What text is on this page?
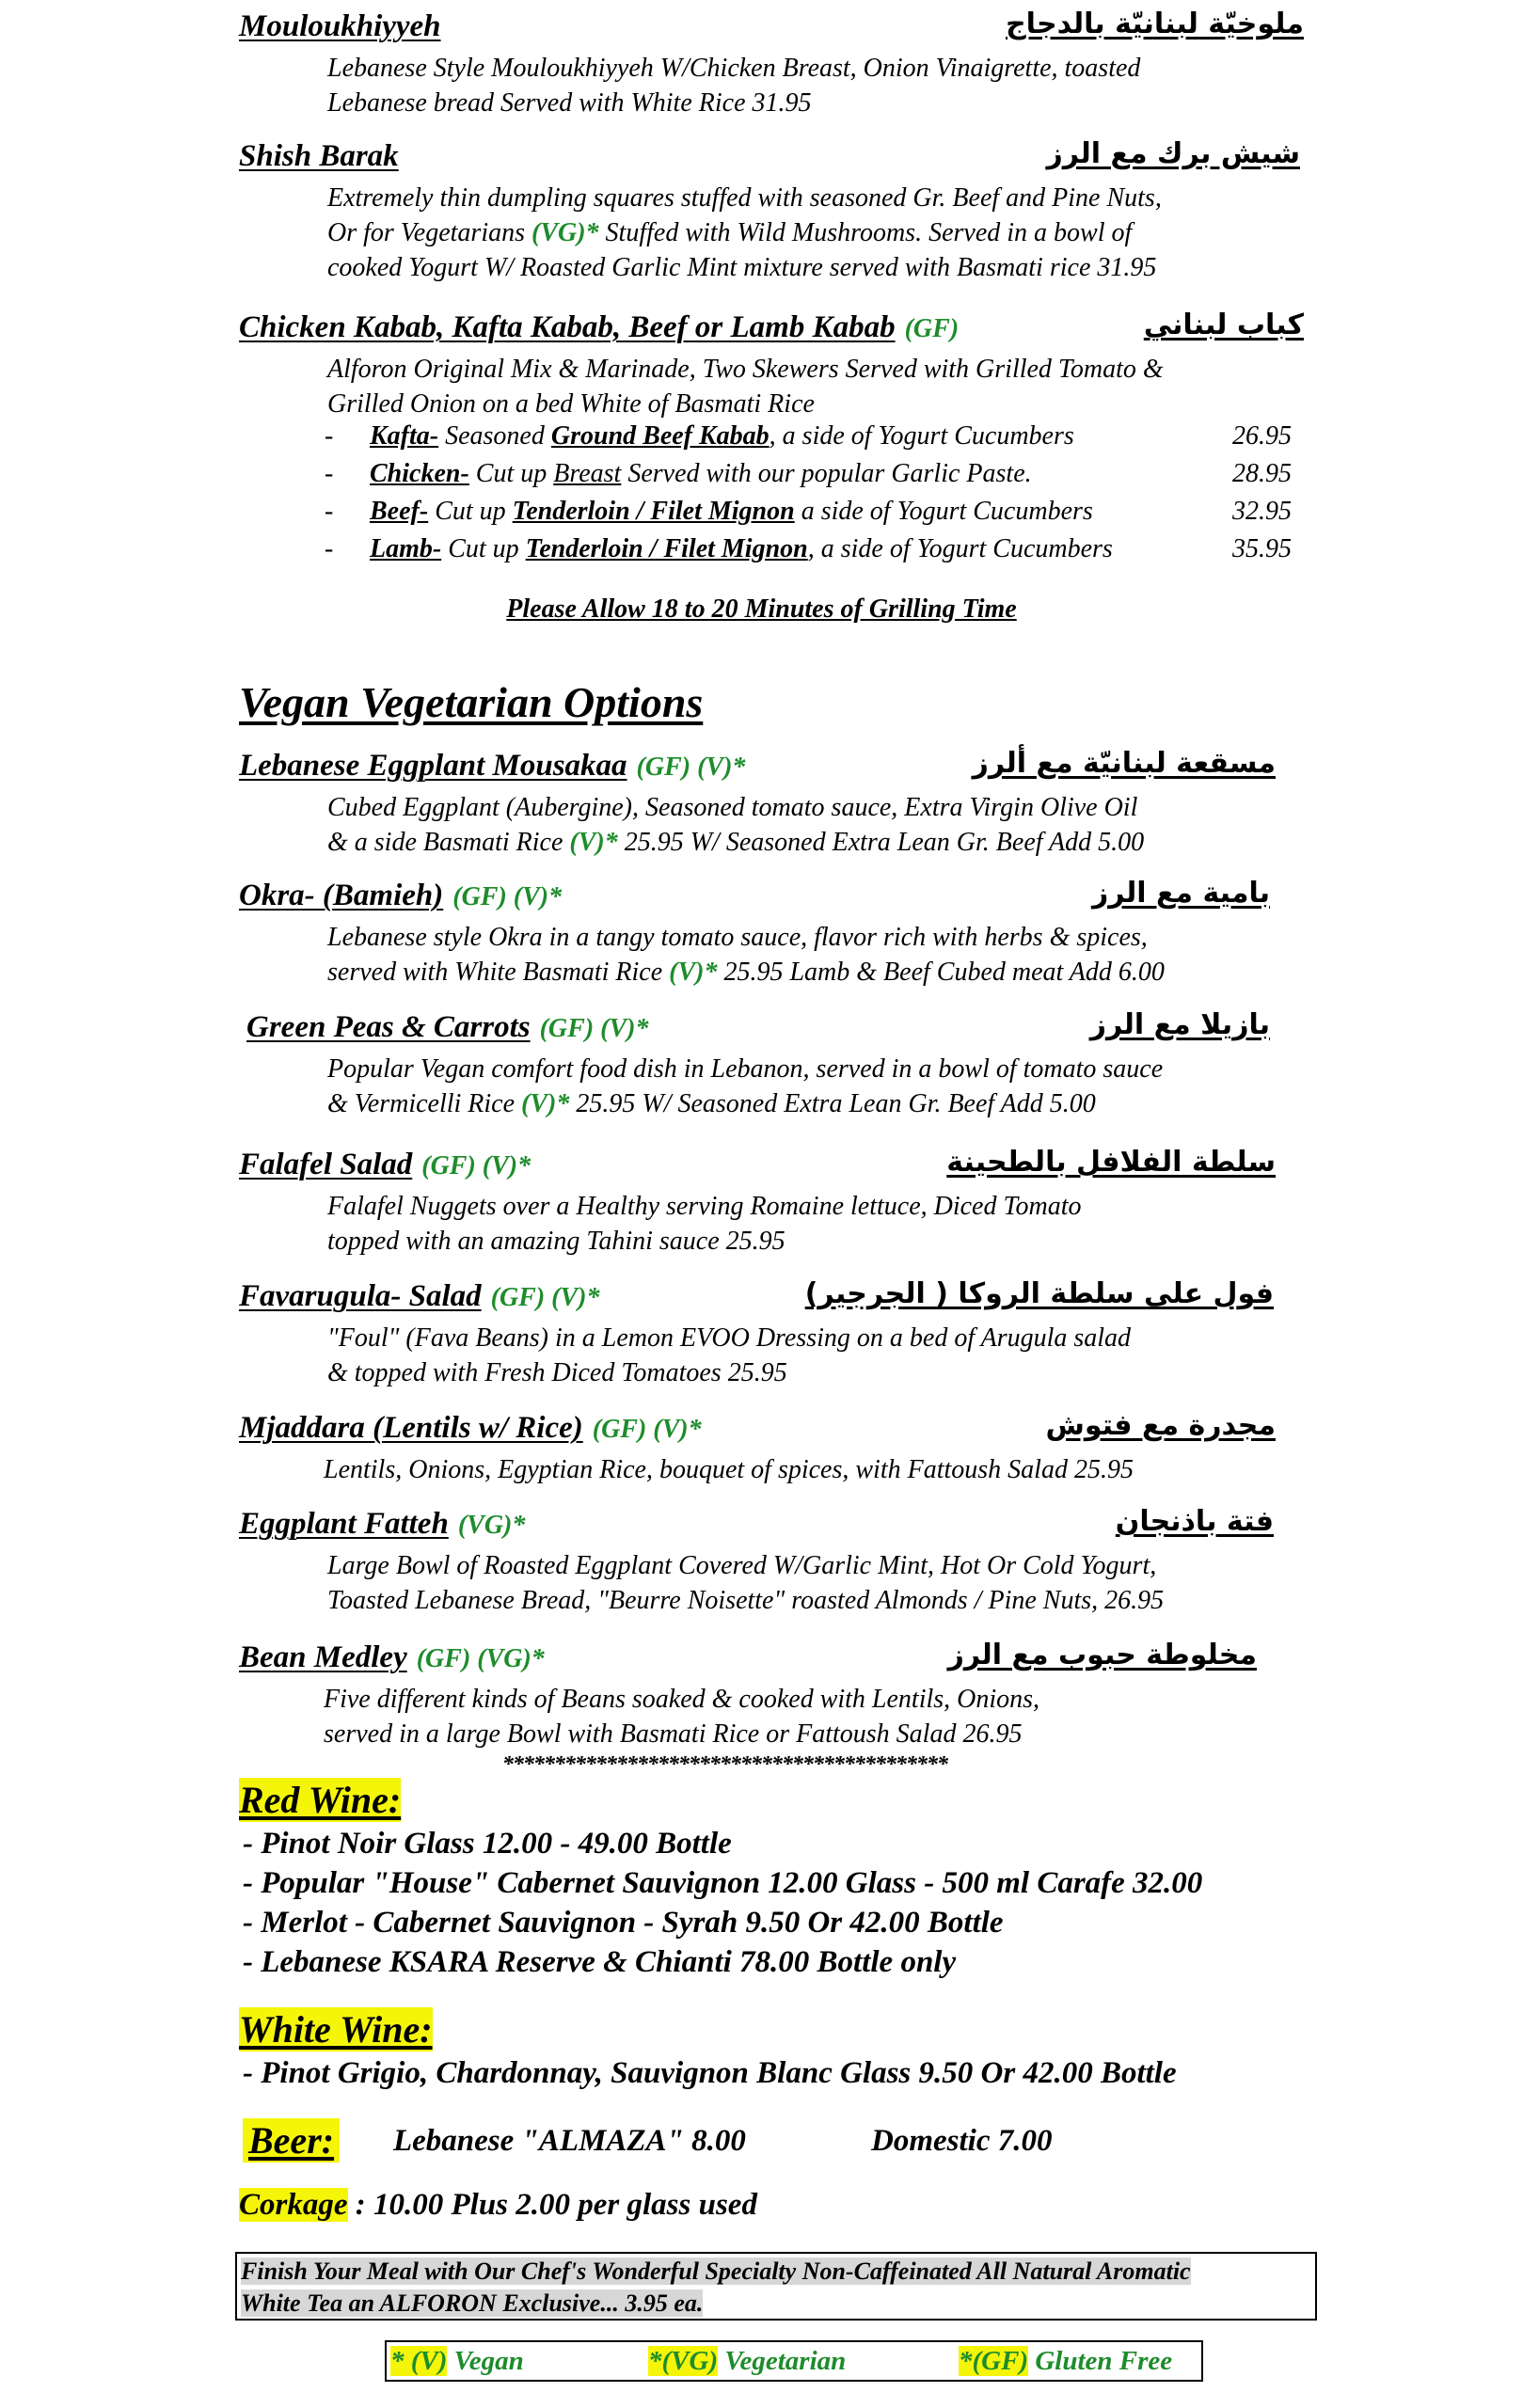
Mouloukhiyyeh	ملوخيّة لبنانيّة بالدجاج
Lebanese Style Mouloukhiyyeh W/Chicken Breast, Onion Vinaigrette, toasted
Lebanese bread Served with White Rice 31.95
Shish Barak	شيش برك مع الرز
Extremely thin dumpling squares stuffed with seasoned Gr. Beef and Pine Nuts,
Or for Vegetarians (VG)* Stuffed with Wild Mushrooms. Served in a bowl of
cooked Yogurt W/ Roasted Garlic Mint mixture served with Basmati rice 31.95
Chicken Kabab, Kafta Kabab, Beef or Lamb Kabab (GF)	كباب لبناني
Alforon Original Mix & Marinade, Two Skewers Served with Grilled Tomato &
Grilled Onion on a bed White of Basmati Rice
- Kafta- Seasoned Ground Beef Kabab, a side of Yogurt Cucumbers	26.95
- Chicken- Cut up Breast Served with our popular Garlic Paste.	28.95
- Beef- Cut up Tenderloin / Filet Mignon a side of Yogurt Cucumbers	32.95
- Lamb- Cut up Tenderloin / Filet Mignon, a side of Yogurt Cucumbers	35.95
Please Allow 18 to 20 Minutes of Grilling Time
Vegan Vegetarian Options
Lebanese Eggplant Mousakaa (GF) (V)*	مسقعة لبنانيّة مع ألرز
Cubed Eggplant (Aubergine), Seasoned tomato sauce, Extra Virgin Olive Oil
& a side Basmati Rice (V)* 25.95 W/ Seasoned Extra Lean Gr. Beef Add 5.00
Okra- (Bamieh) (GF) (V)*	بامية مع الرز
Lebanese style Okra in a tangy tomato sauce, flavor rich with herbs & spices,
served with White Basmati Rice (V)* 25.95 Lamb & Beef Cubed meat Add 6.00
Green Peas & Carrots (GF) (V)*	بازيلا مع الرز
Popular Vegan comfort food dish in Lebanon, served in a bowl of tomato sauce
& Vermicelli Rice (V)* 25.95 W/ Seasoned Extra Lean Gr. Beef Add 5.00
Falafel Salad (GF) (V)*	سلطة الفلافل بالطحينة
Falafel Nuggets over a Healthy serving Romaine lettuce, Diced Tomato
topped with an amazing Tahini sauce 25.95
Favarugula- Salad (GF) (V)*	فول على سلطة الروكا ( الجرجير)
"Foul" (Fava Beans) in a Lemon EVOO Dressing on a bed of Arugula salad
& topped with Fresh Diced Tomatoes 25.95
Mjaddara (Lentils w/ Rice) (GF) (V)*	مجدرة مع فتوش
Lentils, Onions, Egyptian Rice, bouquet of spices, with Fattoush Salad 25.95
Eggplant Fatteh (VG)*	فتة باذنجان
Large Bowl of Roasted Eggplant Covered W/Garlic Mint, Hot Or Cold Yogurt,
Toasted Lebanese Bread, "Beurre Noisette" roasted Almonds / Pine Nuts, 26.95
Bean Medley (GF) (VG)*	مخلوطة حبوب مع الرز
Five different kinds of Beans soaked & cooked with Lentils, Onions,
served in a large Bowl with Basmati Rice or Fattoush Salad 26.95
*******************************************
Red Wine:
- Pinot Noir Glass 12.00 - 49.00 Bottle
- Popular "House" Cabernet Sauvignon 12.00 Glass - 500 ml Carafe 32.00
- Merlot - Cabernet Sauvignon - Syrah 9.50 Or 42.00 Bottle
- Lebanese KSARA Reserve & Chianti 78.00 Bottle only
White Wine:
- Pinot Grigio, Chardonnay, Sauvignon Blanc Glass 9.50 Or 42.00 Bottle
Beer: Lebanese "ALMAZA" 8.00	Domestic 7.00
Corkage : 10.00 Plus 2.00 per glass used
Finish Your Meal with Our Chef's Wonderful Specialty Non-Caffeinated All Natural Aromatic
White Tea an ALFORON Exclusive... 3.95 ea.
* (V) Vegan	*(VG) Vegetarian	*(GF) Gluten Free
